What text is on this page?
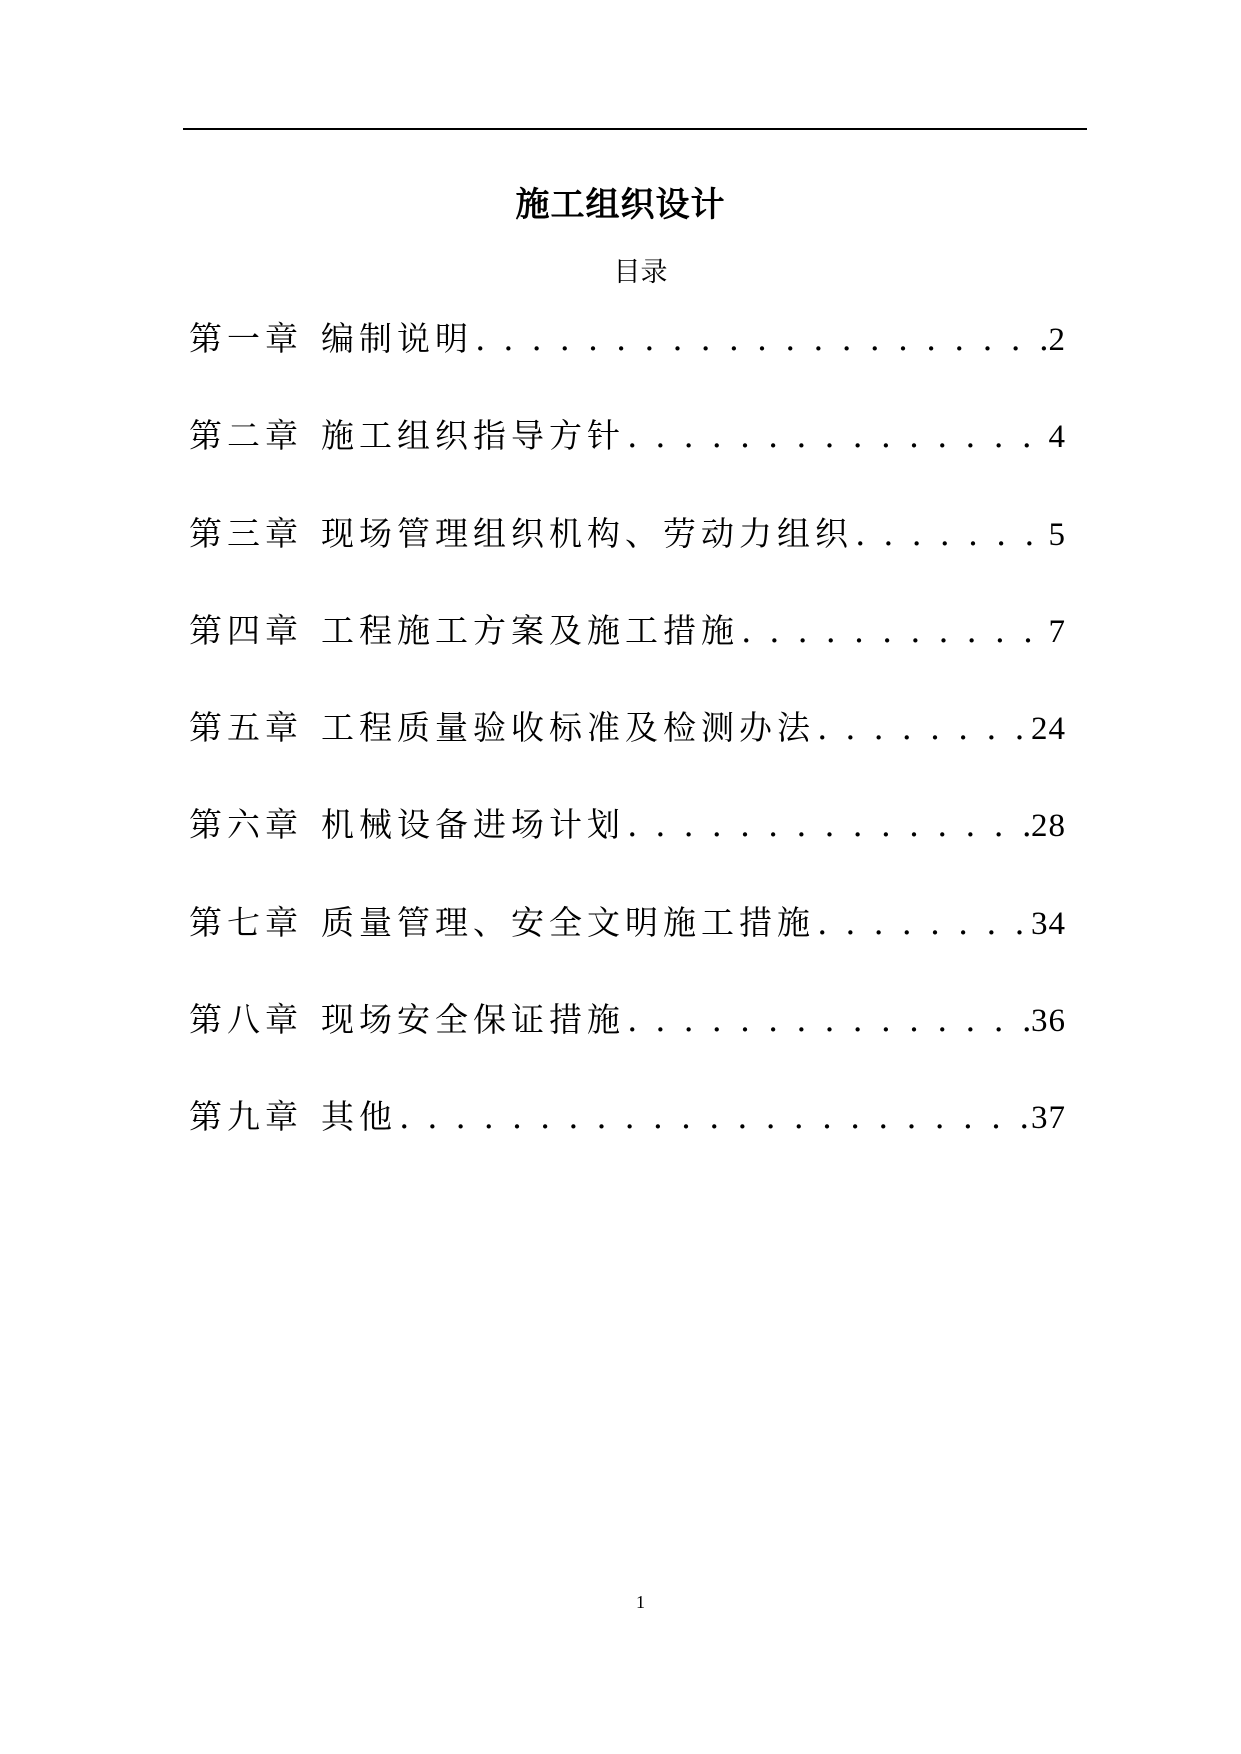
施工组织设计
目录
第一章 编制说明 . . .	2
第二章 施工组织指导方针 . . .	4
第三章 现场管理组织机构、劳动力组织 . . .	5
第四章 工程施工方案及施工措施 . . .	7
第五章 工程质量验收标准及检测办法 . . .	24
第六章 机械设备进场计划 . . .	28
第七章 质量管理、安全文明施工措施 . . .	34
第八章 现场安全保证措施 . . .	36
第九章 其他 . . .	37
1
